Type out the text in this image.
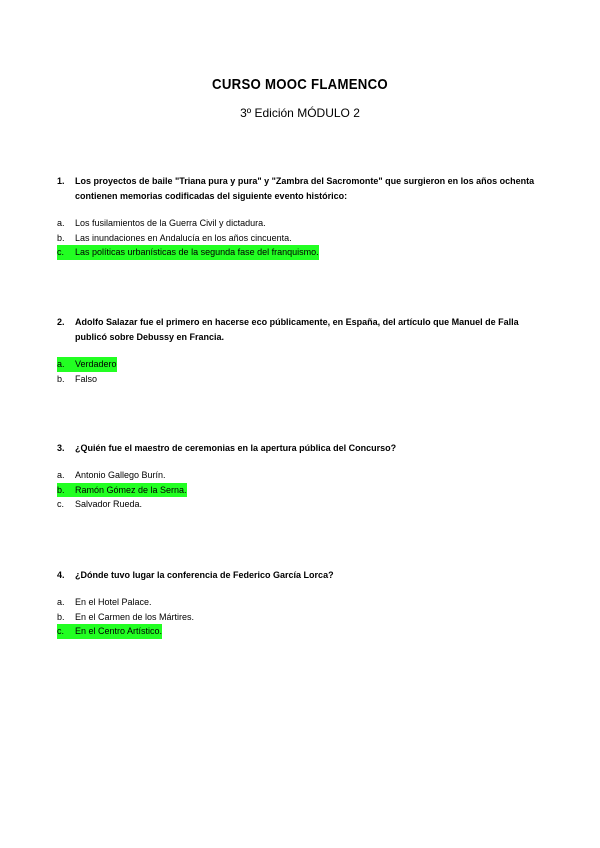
CURSO MOOC FLAMENCO
3º Edición MÓDULO 2
1.	Los proyectos de baile "Triana pura y pura" y "Zambra del Sacromonte" que surgieron en los años ochenta contienen memorias codificadas del siguiente evento histórico:
a.	Los fusilamientos de la Guerra Civil y dictadura.
b.	Las inundaciones en Andalucía en los años cincuenta.
c.	Las políticas urbanísticas de la segunda fase del franquismo.
2.	Adolfo Salazar fue el primero en hacerse eco públicamente, en España, del artículo que Manuel de Falla publicó sobre Debussy en Francia.
a.	Verdadero
b.	Falso
3.	¿Quién fue el maestro de ceremonias en la apertura pública del Concurso?
a.	Antonio Gallego Burín.
b.	Ramón Gómez de la Serna.
c.	Salvador Rueda.
4.	¿Dónde tuvo lugar la conferencia de Federico García Lorca?
a.	En el Hotel Palace.
b.	En el Carmen de los Mártires.
c.	En el Centro Artístico.
